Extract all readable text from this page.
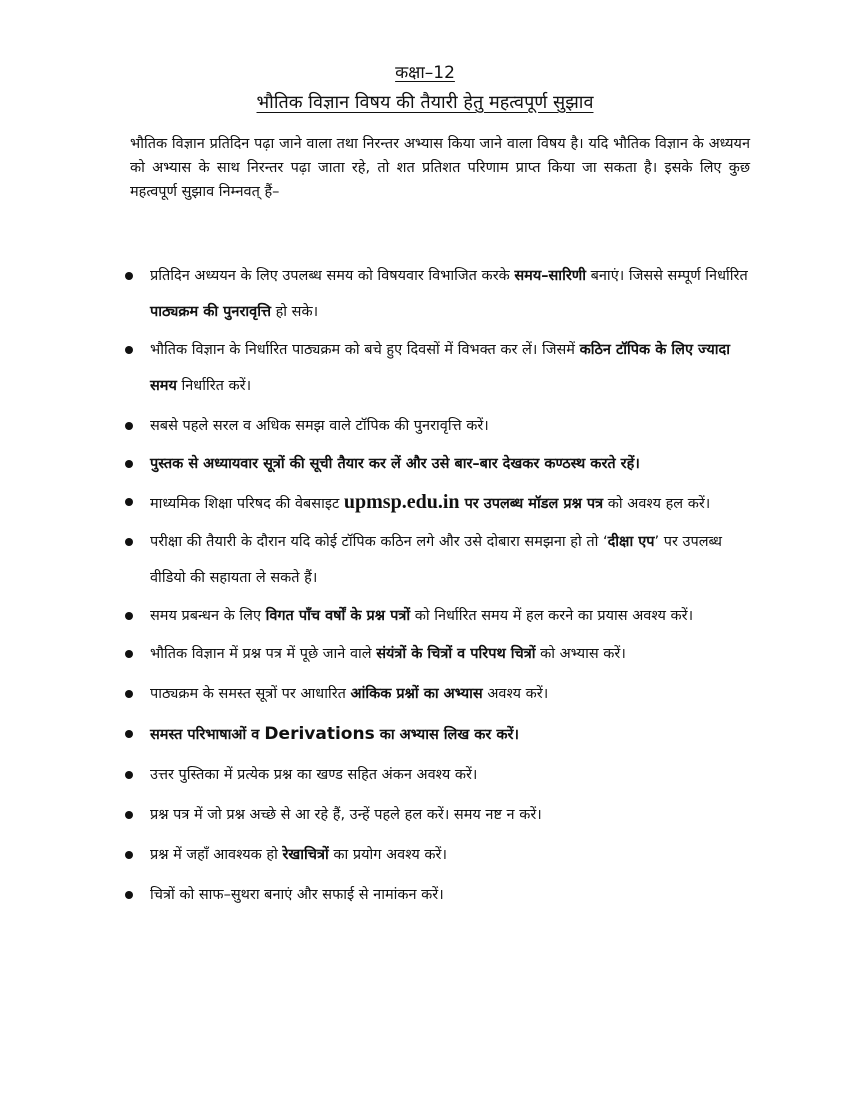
कक्षा–12
भौतिक विज्ञान विषय की तैयारी हेतु महत्वपूर्ण सुझाव
भौतिक विज्ञान प्रतिदिन पढ़ा जाने वाला तथा निरन्तर अभ्यास किया जाने वाला विषय है। यदि भौतिक विज्ञान के अध्ययन को अभ्यास के साथ निरन्तर पढ़ा जाता रहे, तो शत प्रतिशत परिणाम प्राप्त किया जा सकता है। इसके लिए कुछ महत्वपूर्ण सुझाव निम्नवत् हैं–
प्रतिदिन अध्ययन के लिए उपलब्ध समय को विषयवार विभाजित करके समय–सारिणी बनाएं। जिससे सम्पूर्ण निर्धारित पाठ्यक्रम की पुनरावृत्ति हो सके।
भौतिक विज्ञान के निर्धारित पाठ्यक्रम को बचे हुए दिवसों में विभक्त कर लें। जिसमें कठिन टॉपिक के लिए ज्यादा समय निर्धारित करें।
सबसे पहले सरल व अधिक समझ वाले टॉपिक की पुनरावृत्ति करें।
पुस्तक से अध्यायवार सूत्रों की सूची तैयार कर लें और उसे बार–बार देखकर कण्ठस्थ करते रहें।
माध्यमिक शिक्षा परिषद की वेबसाइट upmsp.edu.in पर उपलब्ध मॉडल प्रश्न पत्र को अवश्य हल करें।
परीक्षा की तैयारी के दौरान यदि कोई टॉपिक कठिन लगे और उसे दोबारा समझना हो तो ‘दीक्षा एप’ पर उपलब्ध वीडियो की सहायता ले सकते हैं।
समय प्रबन्धन के लिए विगत पाँच वर्षों के प्रश्न पत्रों को निर्धारित समय में हल करने का प्रयास अवश्य करें।
भौतिक विज्ञान में प्रश्न पत्र में पूछे जाने वाले संयंत्रों के चित्रों व परिपथ चित्रों को अभ्यास करें।
पाठ्यक्रम के समस्त सूत्रों पर आधारित आंकिक प्रश्नों का अभ्यास अवश्य करें।
समस्त परिभाषाओं व Derivations का अभ्यास लिख कर करें।
उत्तर पुस्तिका में प्रत्येक प्रश्न का खण्ड सहित अंकन अवश्य करें।
प्रश्न पत्र में जो प्रश्न अच्छे से आ रहे हैं, उन्हें पहले हल करें। समय नष्ट न करें।
प्रश्न में जहाँ आवश्यक हो रेखाचित्रों का प्रयोग अवश्य करें।
चित्रों को साफ–सुथरा बनाएं और सफाई से नामांकन करें।
